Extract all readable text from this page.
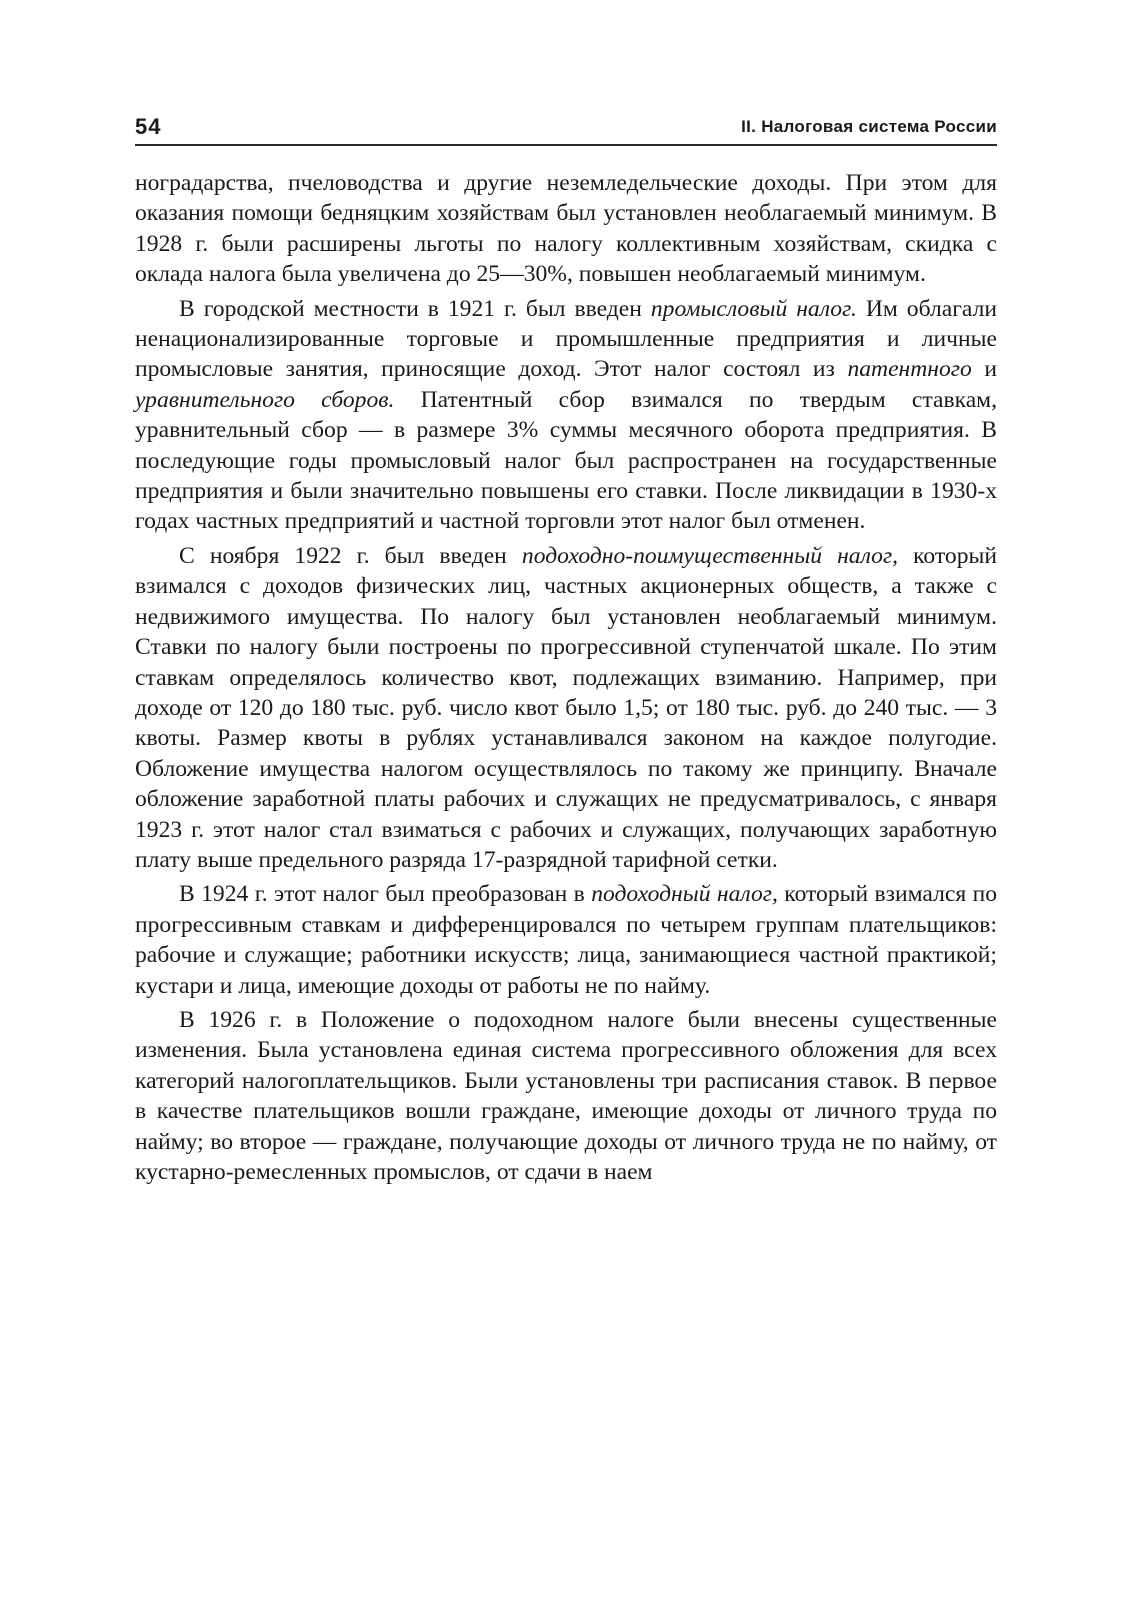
54	II. Налоговая система России

ноградарства, пчеловодства и другие неземледельческие доходы. При этом для оказания помощи бедняцким хозяйствам был установлен необлагаемый минимум. В 1928 г. были расширены льготы по налогу коллективным хозяйствам, скидка с оклада налога была увеличена до 25—30%, повышен необлагаемый минимум.

В городской местности в 1921 г. был введен промысловый налог. Им облагали ненационализированные торговые и промышленные предприятия и личные промысловые занятия, приносящие доход. Этот налог состоял из патентного и уравнительного сборов. Патентный сбор взимался по твердым ставкам, уравнительный сбор — в размере 3% суммы месячного оборота предприятия. В последующие годы промысловый налог был распространен на государственные предприятия и были значительно повышены его ставки. После ликвидации в 1930-х годах частных предприятий и частной торговли этот налог был отменен.

С ноября 1922 г. был введен подоходно-поимущественный налог, который взимался с доходов физических лиц, частных акционерных обществ, а также с недвижимого имущества. По налогу был установлен необлагаемый минимум. Ставки по налогу были построены по прогрессивной ступенчатой шкале. По этим ставкам определялось количество квот, подлежащих взиманию. Например, при доходе от 120 до 180 тыс. руб. число квот было 1,5; от 180 тыс. руб. до 240 тыс. — 3 квоты. Размер квоты в рублях устанавливался законом на каждое полугодие. Обложение имущества налогом осуществлялось по такому же принципу. Вначале обложение заработной платы рабочих и служащих не предусматривалось, с января 1923 г. этот налог стал взиматься с рабочих и служащих, получающих заработную плату выше предельного разряда 17-разрядной тарифной сетки.

В 1924 г. этот налог был преобразован в подоходный налог, который взимался по прогрессивным ставкам и дифференцировался по четырем группам плательщиков: рабочие и служащие; работники искусств; лица, занимающиеся частной практикой; кустари и лица, имеющие доходы от работы не по найму.

В 1926 г. в Положение о подоходном налоге были внесены существенные изменения. Была установлена единая система прогрессивного обложения для всех категорий налогоплательщиков. Были установлены три расписания ставок. В первое в качестве плательщиков вошли граждане, имеющие доходы от личного труда по найму; во второе — граждане, получающие доходы от личного труда не по найму, от кустарно-ремесленных промыслов, от сдачи в наем
